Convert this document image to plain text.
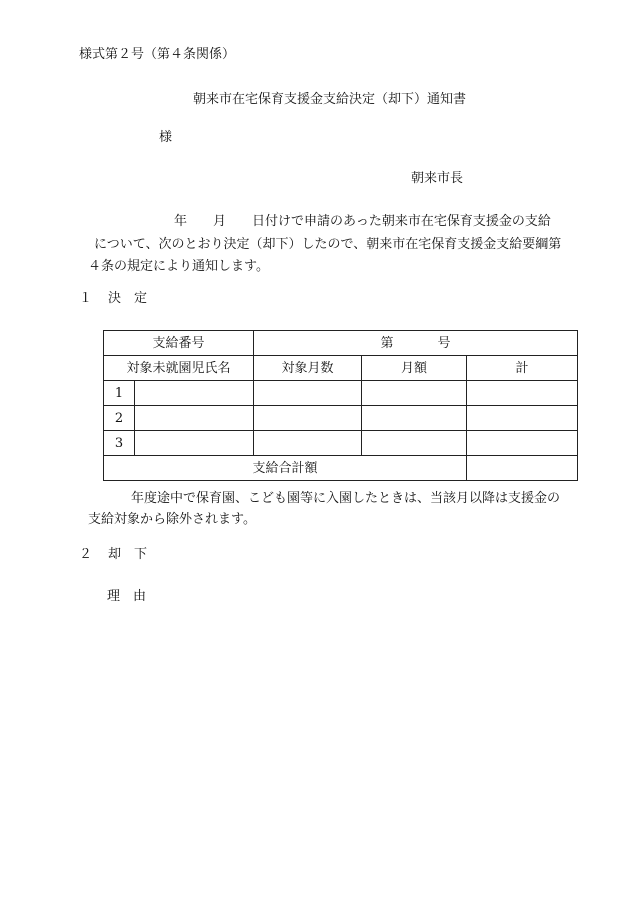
様式第２号（第４条関係）
朝来市在宅保育支援金支給決定（却下）通知書
様
朝来市長
年 月 日付けで申請のあった朝来市在宅保育支援金の支給
について、次のとおり決定（却下）したので、朝来市在宅保育支援金支給要綱第
４条の規定により通知します。
１ 決　定
支給番号		第 号		
対象未就園児氏名		対象月数	月額	計
1				
2				
3				
支給合計額				
年度途中で保育園、こども園等に入園したときは、当該月以降は支援金の
支給対象から除外されます。
２ 却　下
理　由
